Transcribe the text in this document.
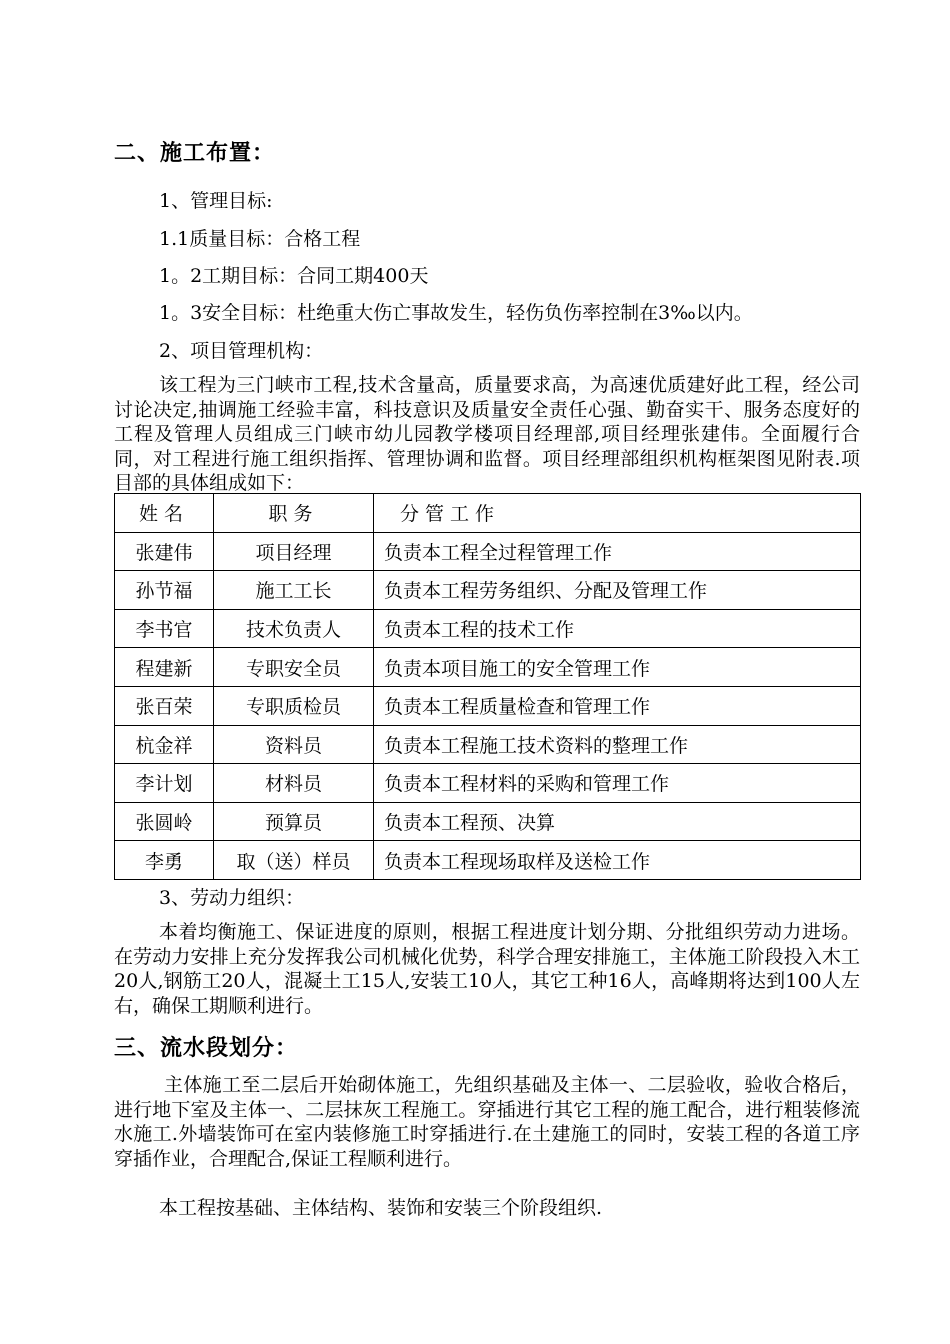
二、施工布置：
1、管理目标:
1.1质量目标：合格工程
1。2工期目标：合同工期400天
1。3安全目标：杜绝重大伤亡事故发生，轻伤负伤率控制在3‰以内。
2、项目管理机构：
该工程为三门峡市工程,技术含量高，质量要求高，为高速优质建好此工程，经公司讨论决定,抽调施工经验丰富，科技意识及质量安全责任心强、勤奋实干、服务态度好的工程及管理人员组成三门峡市幼儿园教学楼项目经理部,项目经理张建伟。全面履行合同，对工程进行施工组织指挥、管理协调和监督。项目经理部组织机构框架图见附表.项目部的具体组成如下：
姓名	职务	分管工作
张建伟	项目经理	负责本工程全过程管理工作
孙节福	施工工长	负责本工程劳务组织、分配及管理工作
李书官	技术负责人	负责本工程的技术工作
程建新	专职安全员	负责本项目施工的安全管理工作
张百荣	专职质检员	负责本工程质量检查和管理工作
杭金祥	资料员	负责本工程施工技术资料的整理工作
李计划	材料员	负责本工程材料的采购和管理工作
张圆岭	预算员	负责本工程预、决算
李勇	取（送）样员	负责本工程现场取样及送检工作
3、劳动力组织：
本着均衡施工、保证进度的原则，根据工程进度计划分期、分批组织劳动力进场。在劳动力安排上充分发挥我公司机械化优势，科学合理安排施工，主体施工阶段投入木工20人,钢筋工20人，混凝土工15人,安装工10人，其它工种16人，高峰期将达到100人左右，确保工期顺利进行。
三、流水段划分：
主体施工至二层后开始砌体施工，先组织基础及主体一、二层验收，验收合格后，进行地下室及主体一、二层抹灰工程施工。穿插进行其它工程的施工配合，进行粗装修流水施工.外墙装饰可在室内装修施工时穿插进行.在土建施工的同时，安装工程的各道工序穿插作业，合理配合,保证工程顺利进行。
本工程按基础、主体结构、装饰和安装三个阶段组织.
